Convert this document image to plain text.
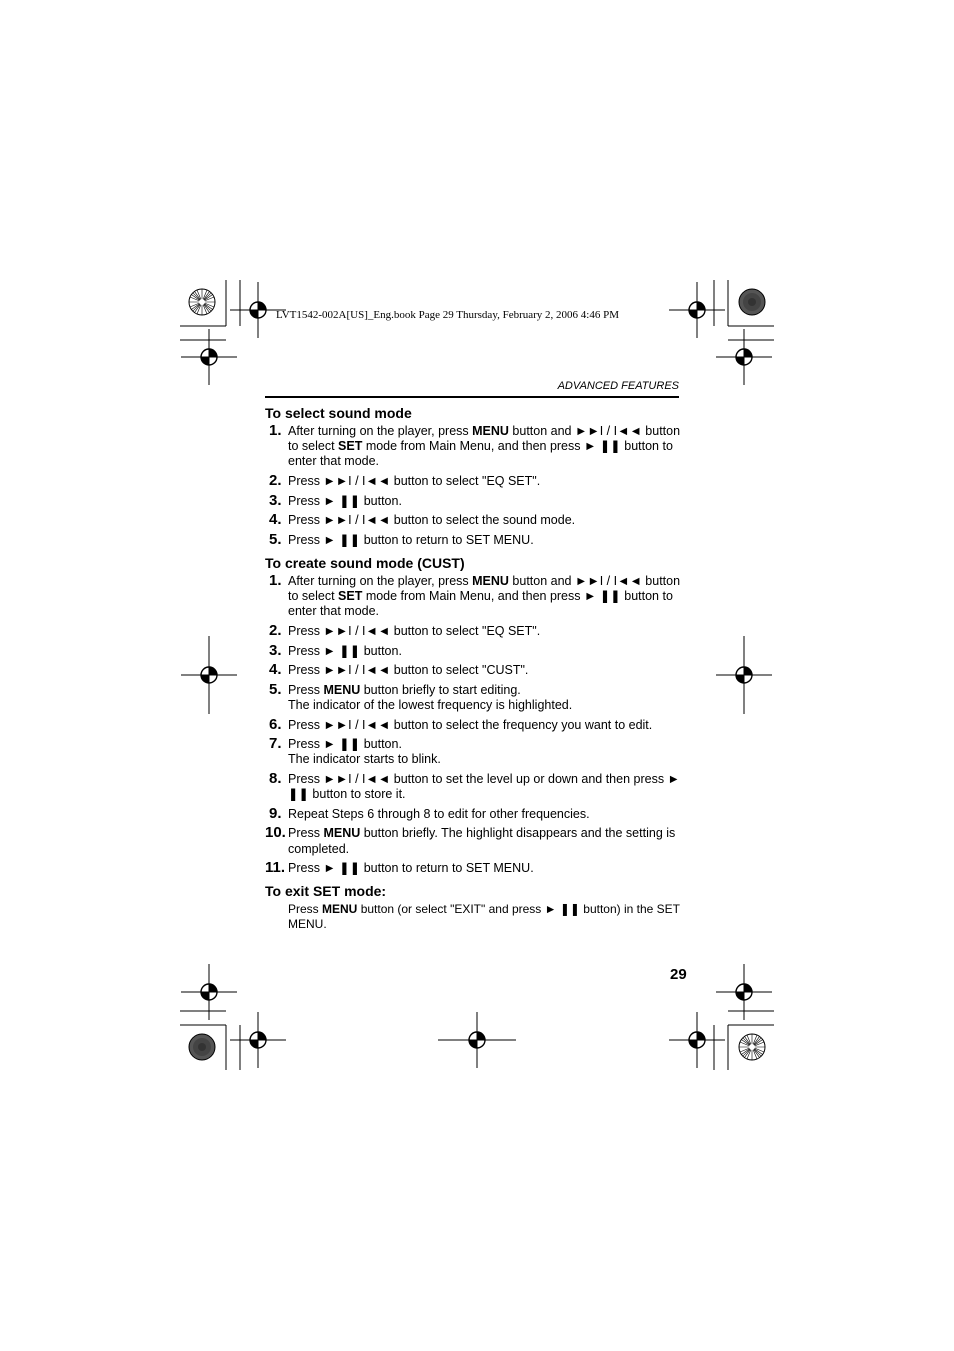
LVT1542-002A[US]_Eng.book Page 29 Thursday, February 2, 2006 4:46 PM
ADVANCED FEATURES
To select sound mode
1. After turning on the player, press MENU button and ►►I / I◄◄ button to select SET mode from Main Menu, and then press ► ❚❚ button to enter that mode.
2. Press ►►I / I◄◄ button to select "EQ SET".
3. Press ► ❚❚ button.
4. Press ►►I / I◄◄ button to select the sound mode.
5. Press ► ❚❚ button to return to SET MENU.
To create sound mode (CUST)
1. After turning on the player, press MENU button and ►►I / I◄◄ button to select SET mode from Main Menu, and then press ► ❚❚ button to enter that mode.
2. Press ►►I / I◄◄ button to select "EQ SET".
3. Press ► ❚❚ button.
4. Press ►►I / I◄◄ button to select "CUST".
5. Press MENU button briefly to start editing.
The indicator of the lowest frequency is highlighted.
6. Press ►►I / I◄◄ button to select the frequency you want to edit.
7. Press ► ❚❚ button.
The indicator starts to blink.
8. Press ►►I / I◄◄ button to set the level up or down and then press ► ❚❚ button to store it.
9. Repeat Steps 6 through 8 to edit for other frequencies.
10. Press MENU button briefly. The highlight disappears and the setting is completed.
11. Press ► ❚❚ button to return to SET MENU.
To exit SET mode:
Press MENU button (or select "EXIT" and press ► ❚❚ button) in the SET MENU.
29
